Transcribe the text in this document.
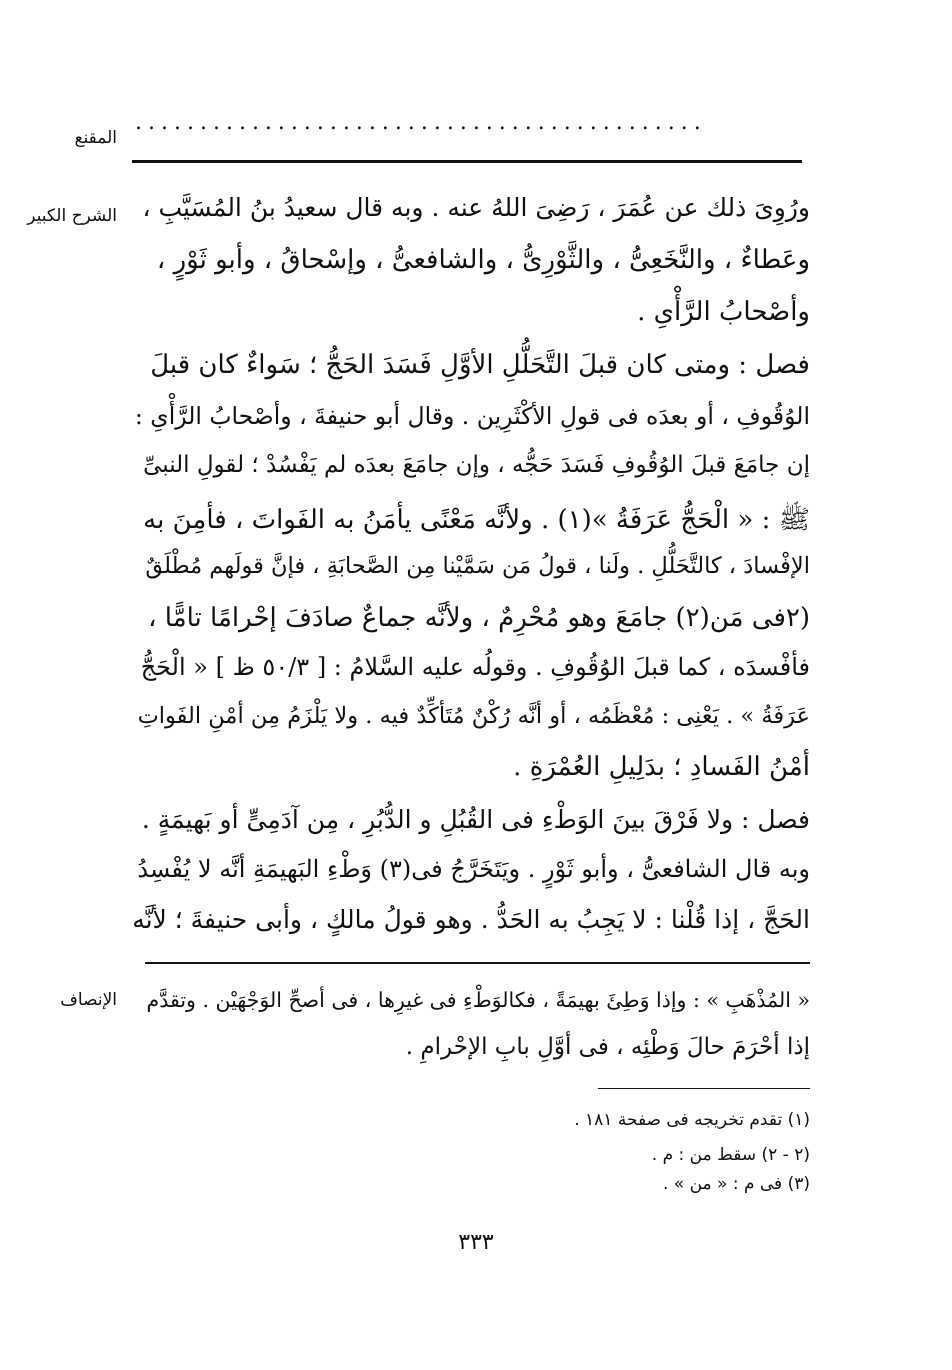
المقنع
............................................
الشرح الكبير
الإنصاف
ورُوِىَ ذلك عن عُمَرَ ، رَضِىَ اللهُ عنه . وبه قال سعيدُ بنُ المُسَيَّبِ ،
وعَطاءٌ ، والنَّخَعِىُّ ، والثَّوْرِىُّ ، والشافعىُّ ، وإسْحاقُ ، وأبو ثَوْرٍ ،
وأصْحابُ الرَّأْىِ .
فصل : ومتى كان قبلَ التَّحَلُّلِ الأوَّلِ فَسَدَ الحَجُّ ؛ سَواءٌ كان قبلَ
الوُقُوفِ ، أو بعدَه فى قولِ الأكْثَرِين . وقال أبو حنيفةَ ، وأصْحابُ الرَّأْىِ :
إن جامَعَ قبلَ الوُقُوفِ فَسَدَ حَجُّه ، وإن جامَعَ بعدَه لم يَفْسُدْ ؛ لقولِ النبىِّ
ﷺ : « الْحَجُّ عَرَفَةُ »(١) . ولأنَّه مَعْنًى يأمَنُ به الفَواتَ ، فأمِنَ به
الإفْسادَ ، كالتَّحَلُّلِ . ولَنا ، قولُ مَن سَمَّيْنا مِن الصَّحابَةِ ، فإنَّ قولَهم مُطْلَقٌ
(٢فى مَن(٢) جامَعَ وهو مُحْرِمٌ ، ولأنَّه جماعٌ صادَفَ إحْرامًا تامًّا ،
فأفْسدَه ، كما قبلَ الوُقُوفِ . وقولُه عليه السَّلامُ : [ ٥٠/٣ ظ ] « الْحَجُّ
عَرَفَةُ » . يَعْنِى : مُعْظَمُه ، أو أنَّه رُكْنٌ مُتَأكِّدٌ فيه . ولا يَلْزَمُ مِن أمْنِ الفَواتِ
أمْنُ الفَسادِ ؛ بدَلِيلِ العُمْرَةِ .
فصل : ولا فَرْقَ بينَ الوَطْءِ فى القُبُلِ و الدُّبُرِ ، مِن آدَمِىٍّ أو بَهيمَةٍ .
وبه قال الشافعىُّ ، وأبو ثَوْرٍ . ويَتَخَرَّجُ فى(٣) وَطْءِ البَهيمَةِ أنَّه لا يُفْسِدُ
الحَجَّ ، إذا قُلْنا : لا يَجِبُ به الحَدُّ . وهو قولُ مالكٍ ، وأبى حنيفةَ ؛ لأنَّه
« المُذْهَبِ » : وإذا وَطِئَ بهيمَةً ، فكالوَطْءِ فى غيرِها ، فى أصحِّ الوَجْهَيْن . وتقدَّم
إذا أحْرَمَ حالَ وَطْئِه ، فى أوَّلِ بابِ الإحْرامِ .
(١) تقدم تخريجه فى صفحة ١٨١ .
(٢ - ٢) سقط من : م .
(٣) فى م : « من » .
٣٣٣
